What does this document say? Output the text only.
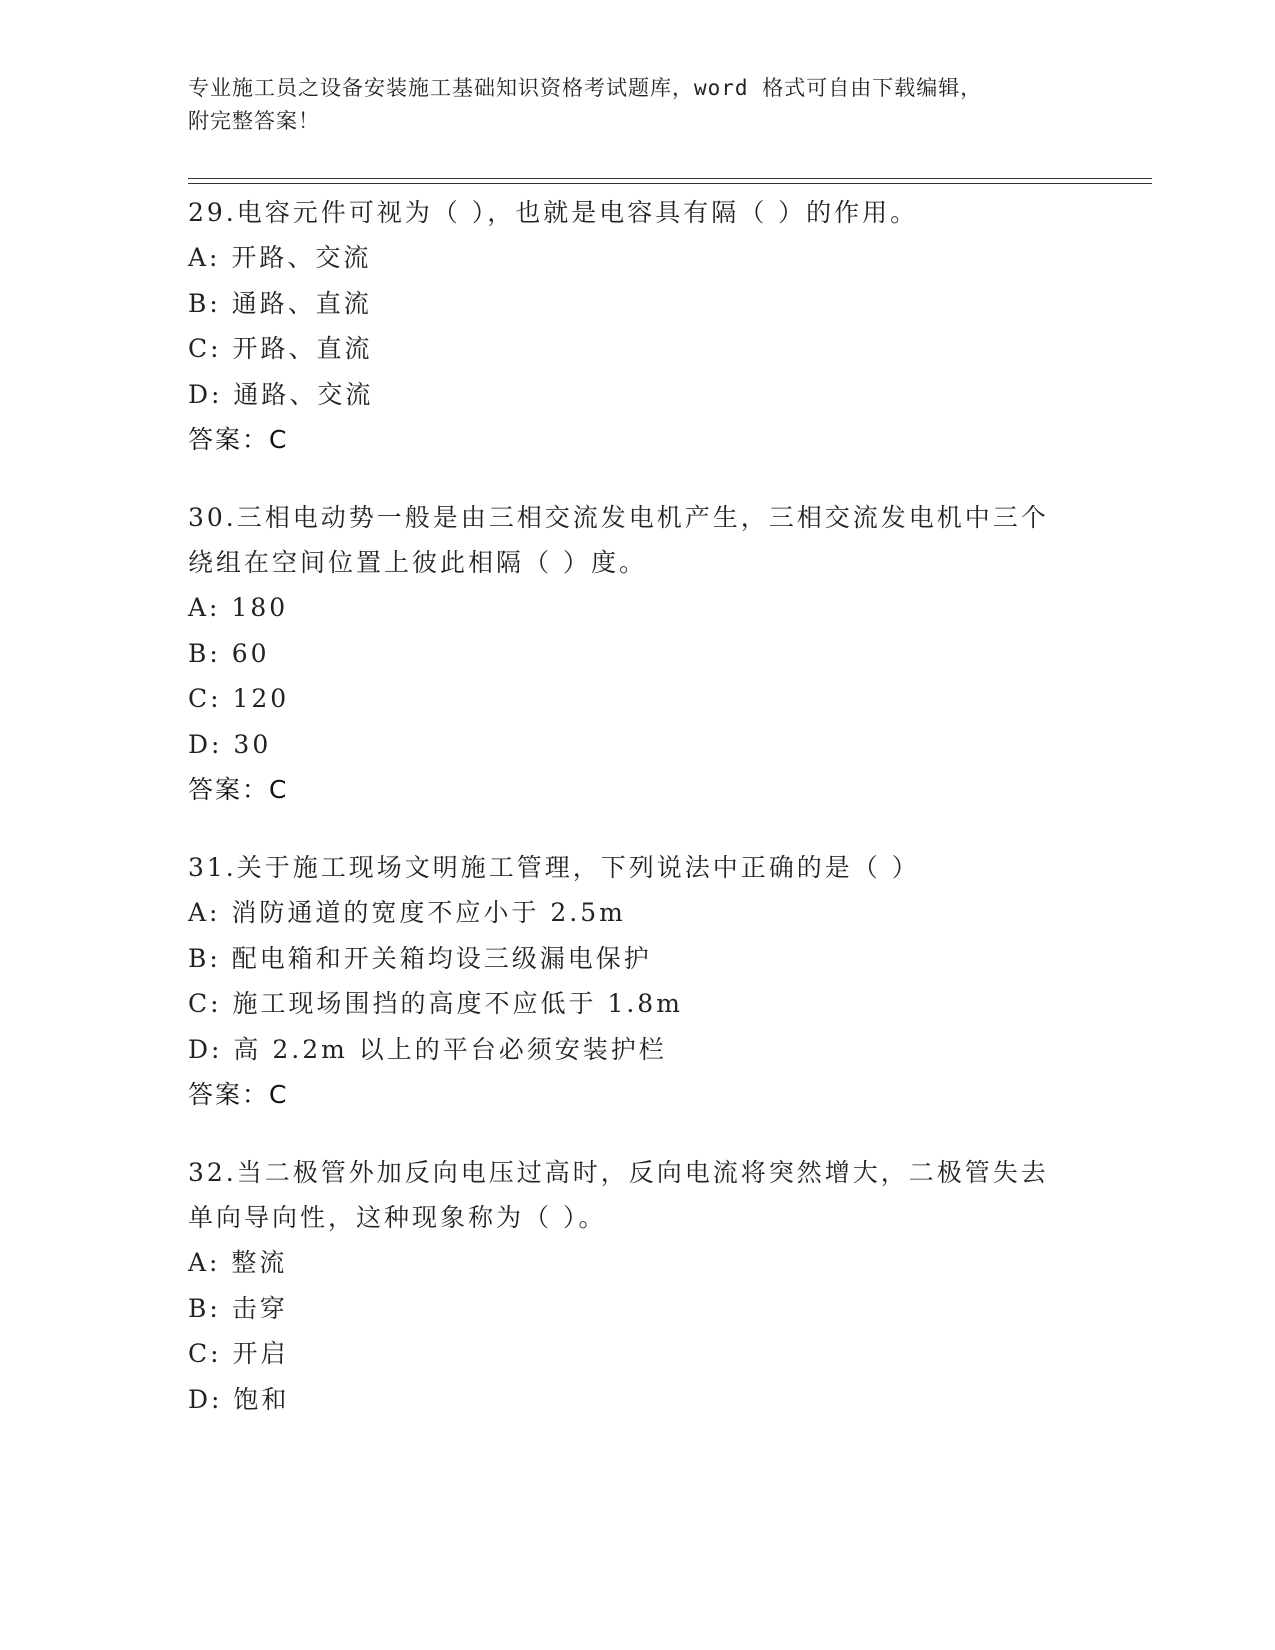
专业施工员之设备安装施工基础知识资格考试题库，word 格式可自由下载编辑，
附完整答案！

29.电容元件可视为（ ），也就是电容具有隔（ ）的作用。

A: 开路、交流

B: 通路、直流

C: 开路、直流

D: 通路、交流

答案：C

30.三相电动势一般是由三相交流发电机产生，三相交流发电机中三个

绕组在空间位置上彼此相隔（ ）度。

A: 180

B: 60

C: 120

D: 30

答案：C

31.关于施工现场文明施工管理，下列说法中正确的是（ ）

A: 消防通道的宽度不应小于 2.5m

B: 配电箱和开关箱均设三级漏电保护

C: 施工现场围挡的高度不应低于 1.8m

D: 高 2.2m 以上的平台必须安装护栏

答案：C

32.当二极管外加反向电压过高时，反向电流将突然增大，二极管失去

单向导向性，这种现象称为（ ）。

A: 整流

B: 击穿

C: 开启

D: 饱和
